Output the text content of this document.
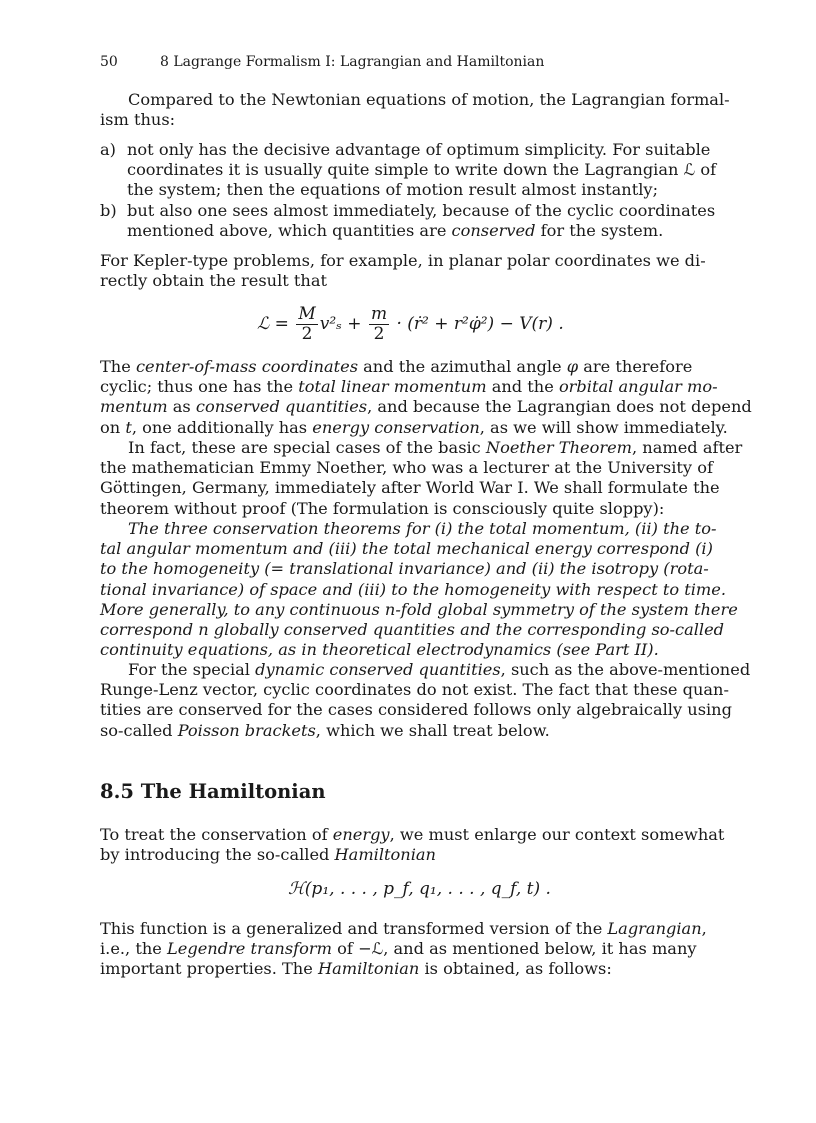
50	8 Lagrange Formalism I: Lagrangian and Hamiltonian
Compared to the Newtonian equations of motion, the Lagrangian formal-
ism thus:
a) not only has the decisive advantage of optimum simplicity. For suitable
coordinates it is usually quite simple to write down the Lagrangian ℒ of
the system; then the equations of motion result almost instantly;
b) but also one sees almost immediately, because of the cyclic coordinates
mentioned above, which quantities are conserved for the system.
For Kepler-type problems, for example, in planar polar coordinates we di-
rectly obtain the result that
ℒ = $\frac{M}{2} v^2_s + \frac{m}{2}$ · (ṙ² + r²φ̇²) − V(r) .
The center-of-mass coordinates and the azimuthal angle φ are therefore
cyclic; thus one has the total linear momentum and the orbital angular mo-
mentum as conserved quantities, and because the Lagrangian does not depend
on t, one additionally has energy conservation, as we will show immediately.
In fact, these are special cases of the basic Noether Theorem, named after
the mathematician Emmy Noether, who was a lecturer at the University of
Göttingen, Germany, immediately after World War I. We shall formulate the
theorem without proof (The formulation is consciously quite sloppy):
The three conservation theorems for (i) the total momentum, (ii) the to-
tal angular momentum and (iii) the total mechanical energy correspond (i)
to the homogeneity (= translational invariance) and (ii) the isotropy (rota-
tional invariance) of space and (iii) to the homogeneity with respect to time.
More generally, to any continuous n-fold global symmetry of the system there
correspond n globally conserved quantities and the corresponding so-called
continuity equations, as in theoretical electrodynamics (see Part II).
For the special dynamic conserved quantities, such as the above-mentioned
Runge-Lenz vector, cyclic coordinates do not exist. The fact that these quan-
tities are conserved for the cases considered follows only algebraically using
so-called Poisson brackets, which we shall treat below.
8.5 The Hamiltonian
To treat the conservation of energy, we must enlarge our context somewhat
by introducing the so-called Hamiltonian
ℋ(p₁, . . . , p_f, q₁, . . . , q_f, t) .
This function is a generalized and transformed version of the Lagrangian,
i.e., the Legendre transform of −ℒ, and as mentioned below, it has many
important properties. The Hamiltonian is obtained, as follows:
